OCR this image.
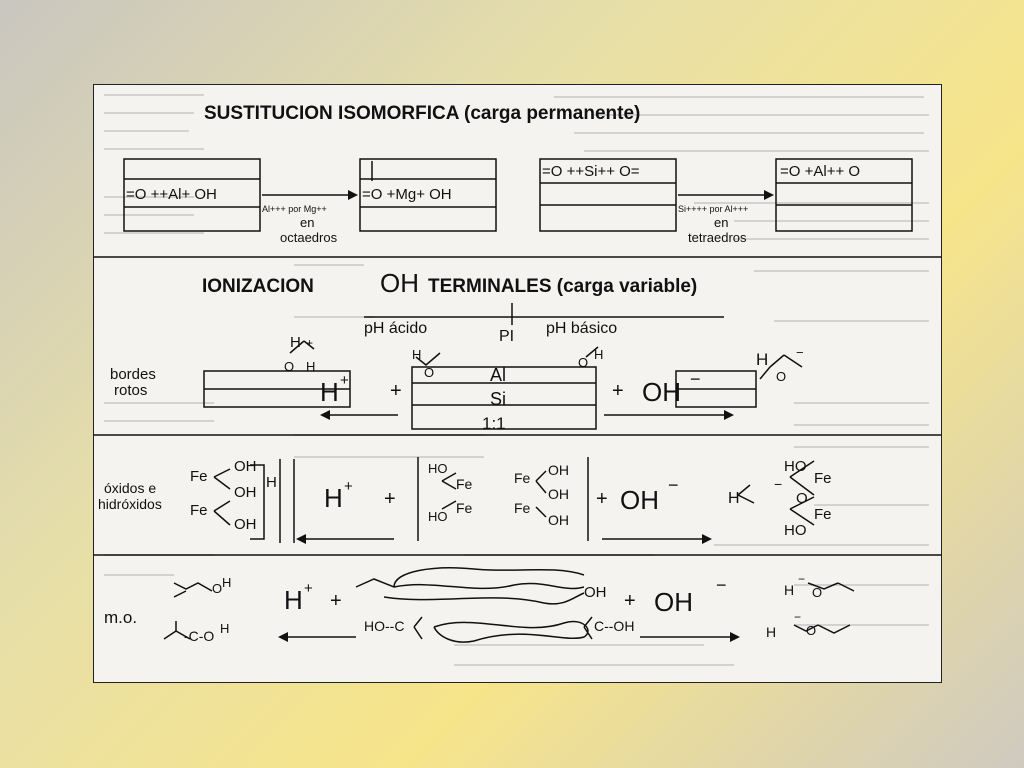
SUSTITUCION ISOMORFICA (carga permanente)
=O ++Al+ OH	=O +Mg+ OH
Al+++ por Mg++
en
octaedros
=O ++Si++ O=	=O +Al++ O
Si++++ por Al+++
en
tetraedros
IONIZACION	OH TERMINALES (carga variable)
pH ácido	PI pH básico
bordes
rotos
H +
O H
H
O
O
H
Al
Si
1:1
H −
O
H + +	+ OH −
óxidos e
hidróxidos
Fe
Fe
OH
OH
OH
H
H +
+
HO
Fe
HO
Fe
Fe
Fe
OH
OH
OH
+ OH −
HO
Fe
−
O
Fe
HO
H
m.o.
O H
-C-O H
H +
+	OH
HO--C	C--OH
+ OH
−	H
−
O
H
−
O
